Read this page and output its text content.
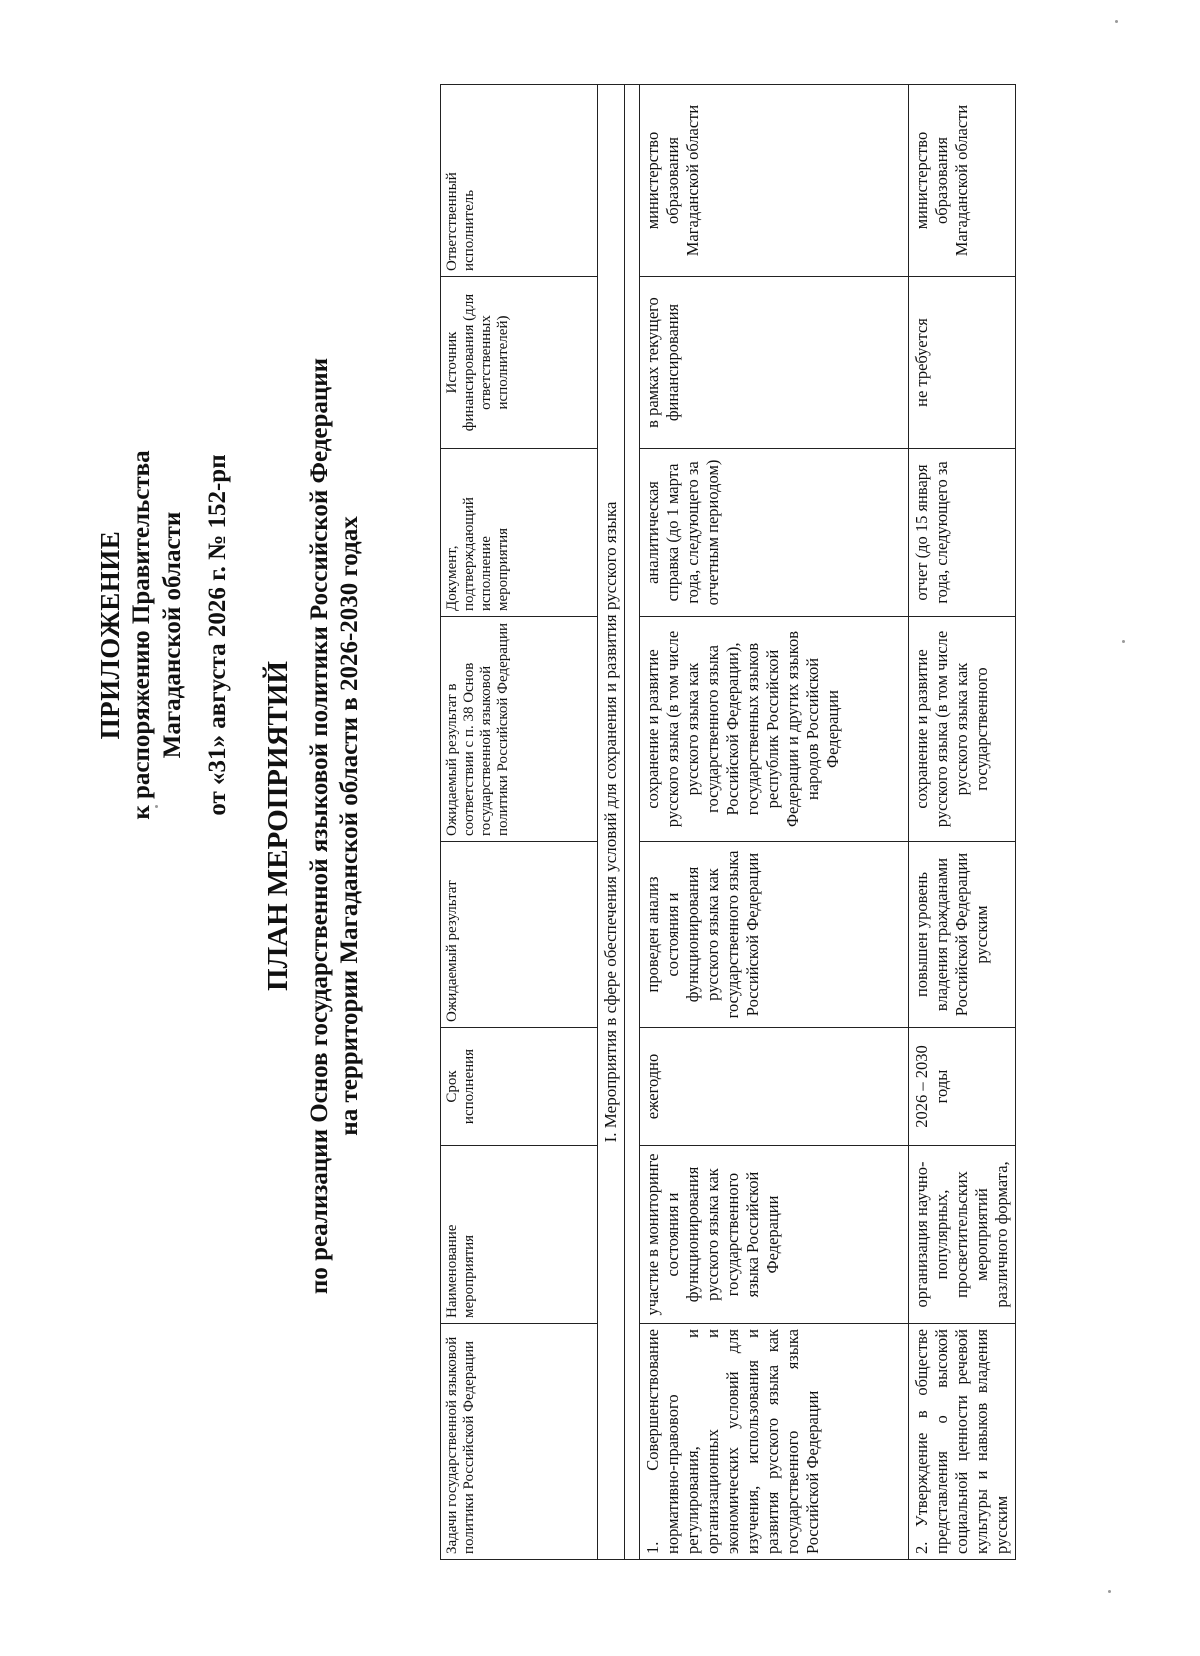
ПРИЛОЖЕНИЕ к распоряжению Правительства Магаданской области от «31» августа 2026 г. № 152-рп
ПЛАН МЕРОПРИЯТИЙ по реализации Основ государственной языковой политики Российской Федерации на территории Магаданской области в 2026-2030 годах
Задачи государственной языковой политики Российской Федерации	Наименование мероприятия	Срок исполнения	Ожидаемый результат	Ожидаемый результат в соответствии с п. 38 Основ государственной языковой политики Российской Федерации	Документ, подтверждающий исполнение мероприятия	Источник финансирования (для ответственных исполнителей)	Ответственный исполнитель
I. Мероприятия в сфере обеспечения условий для сохранения и развития русского языка							

1. Совершенствование нормативно-правового регулирования, и организационных и экономических условий для изучения, использования и развития русского языка как государственного языка Российской Федерации	участие в мониторинге состояния и функционирования русского языка как государственного языка Российской Федерации	ежегодно	проведен анализ состояния и функционирования русского языка как государственного языка Российской Федерации	сохранение и развитие русского языка (в том числе русского языка как государственного языка Российской Федерации), государственных языков республик Российской Федерации и других языков народов Российской Федерации	аналитическая справка (до 1 марта года, следующего за отчетным периодом)	в рамках текущего финансирования	министерство образования Магаданской области
2. Утверждение в обществе представления о высокой социальной ценности речевой культуры и навыков владения русским	организация научно-популярных, просветительских мероприятий различного формата,	2026 – 2030 годы	повышен уровень владения гражданами Российской Федерации русским	сохранение и развитие русского языка (в том числе русского языка как государственного	отчет (до 15 января года, следующего за	не требуется	министерство образования Магаданской области
